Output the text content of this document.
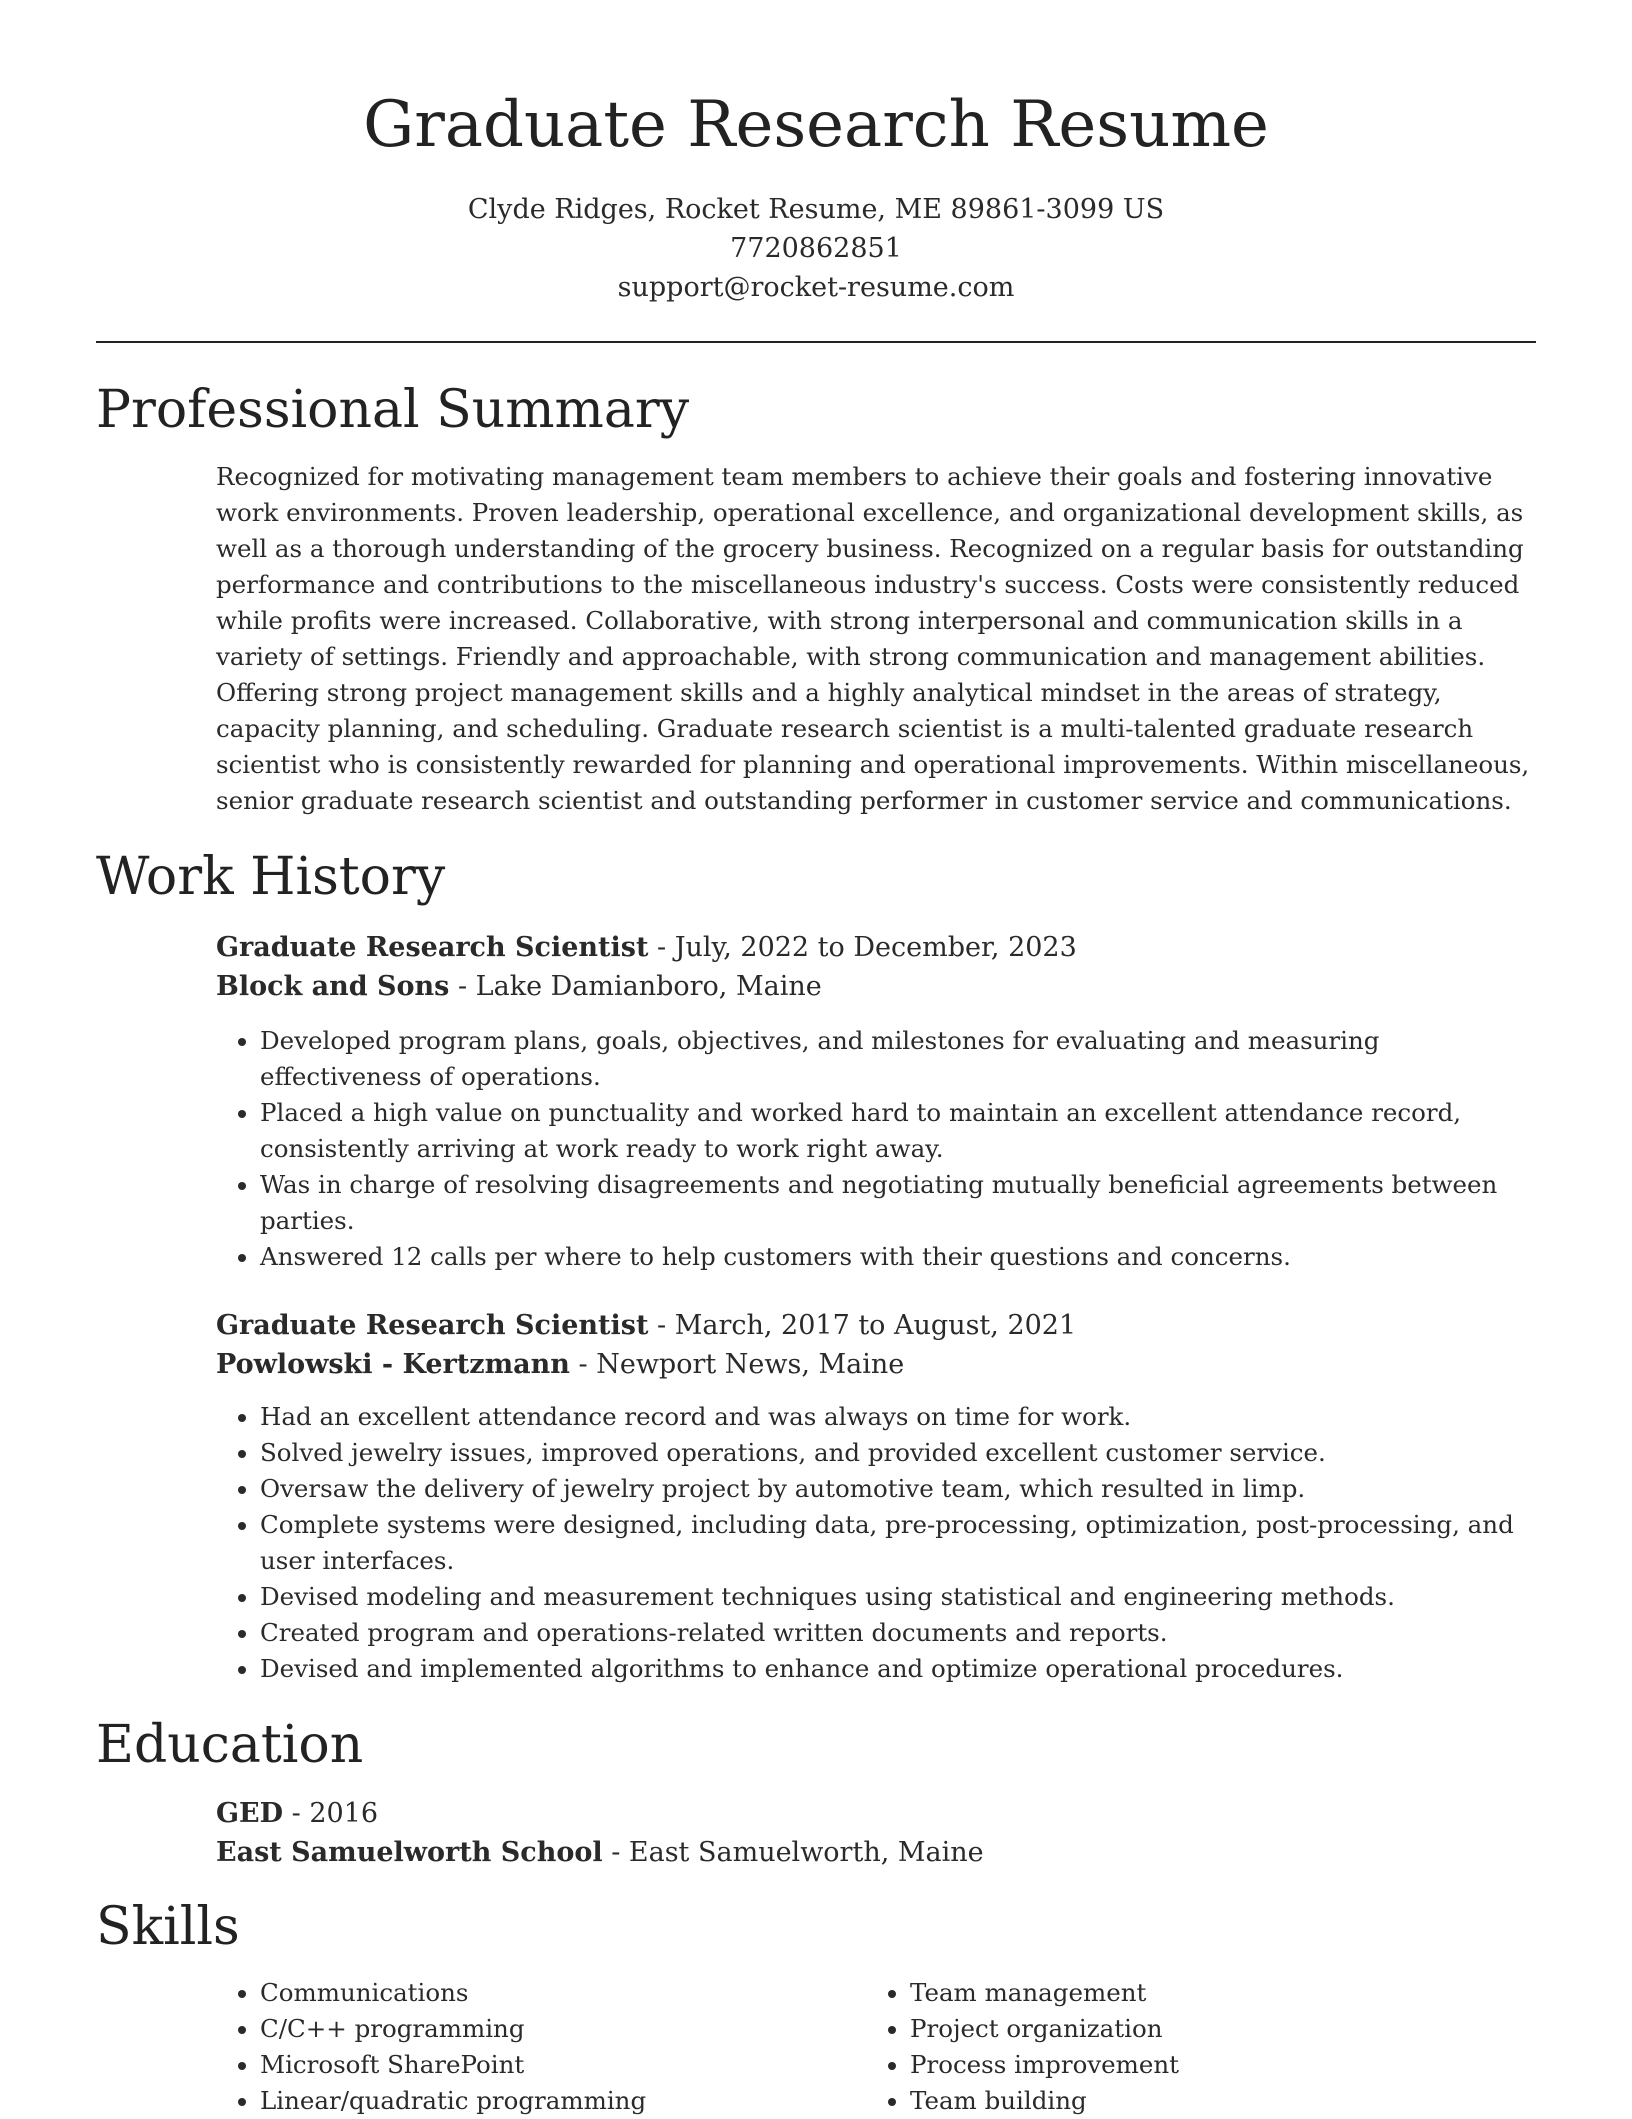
Graduate Research Resume
Clyde Ridges, Rocket Resume, ME 89861-3099 US
7720862851
support@rocket-resume.com
Professional Summary

Recognized for motivating management team members to achieve their goals and fostering innovative work environments. Proven leadership, operational excellence, and organizational development skills, as well as a thorough understanding of the grocery business. Recognized on a regular basis for outstanding performance and contributions to the miscellaneous industry's success. Costs were consistently reduced while profits were increased. Collaborative, with strong interpersonal and communication skills in a variety of settings. Friendly and approachable, with strong communication and management abilities. Offering strong project management skills and a highly analytical mindset in the areas of strategy, capacity planning, and scheduling. Graduate research scientist is a multi-talented graduate research scientist who is consistently rewarded for planning and operational improvements. Within miscellaneous, senior graduate research scientist and outstanding performer in customer service and communications.

Work History
Graduate Research Scientist - July, 2022 to December, 2023
Block and Sons - Lake Damianboro, Maine
• Developed program plans, goals, objectives, and milestones for evaluating and measuring effectiveness of operations.
• Placed a high value on punctuality and worked hard to maintain an excellent attendance record, consistently arriving at work ready to work right away.
• Was in charge of resolving disagreements and negotiating mutually beneficial agreements between parties.
• Answered 12 calls per where to help customers with their questions and concerns.
Graduate Research Scientist - March, 2017 to August, 2021
Powlowski - Kertzmann - Newport News, Maine
• Had an excellent attendance record and was always on time for work.
• Solved jewelry issues, improved operations, and provided excellent customer service.
• Oversaw the delivery of jewelry project by automotive team, which resulted in limp.
• Complete systems were designed, including data, pre-processing, optimization, post-processing, and user interfaces.
• Devised modeling and measurement techniques using statistical and engineering methods.
• Created program and operations-related written documents and reports.
• Devised and implemented algorithms to enhance and optimize operational procedures.
Education
GED - 2016
East Samuelworth School - East Samuelworth, Maine
Skills
• Communications
• C/C++ programming
• Microsoft SharePoint
• Linear/quadratic programming
• Team management
• Project organization
• Process improvement
• Team building
